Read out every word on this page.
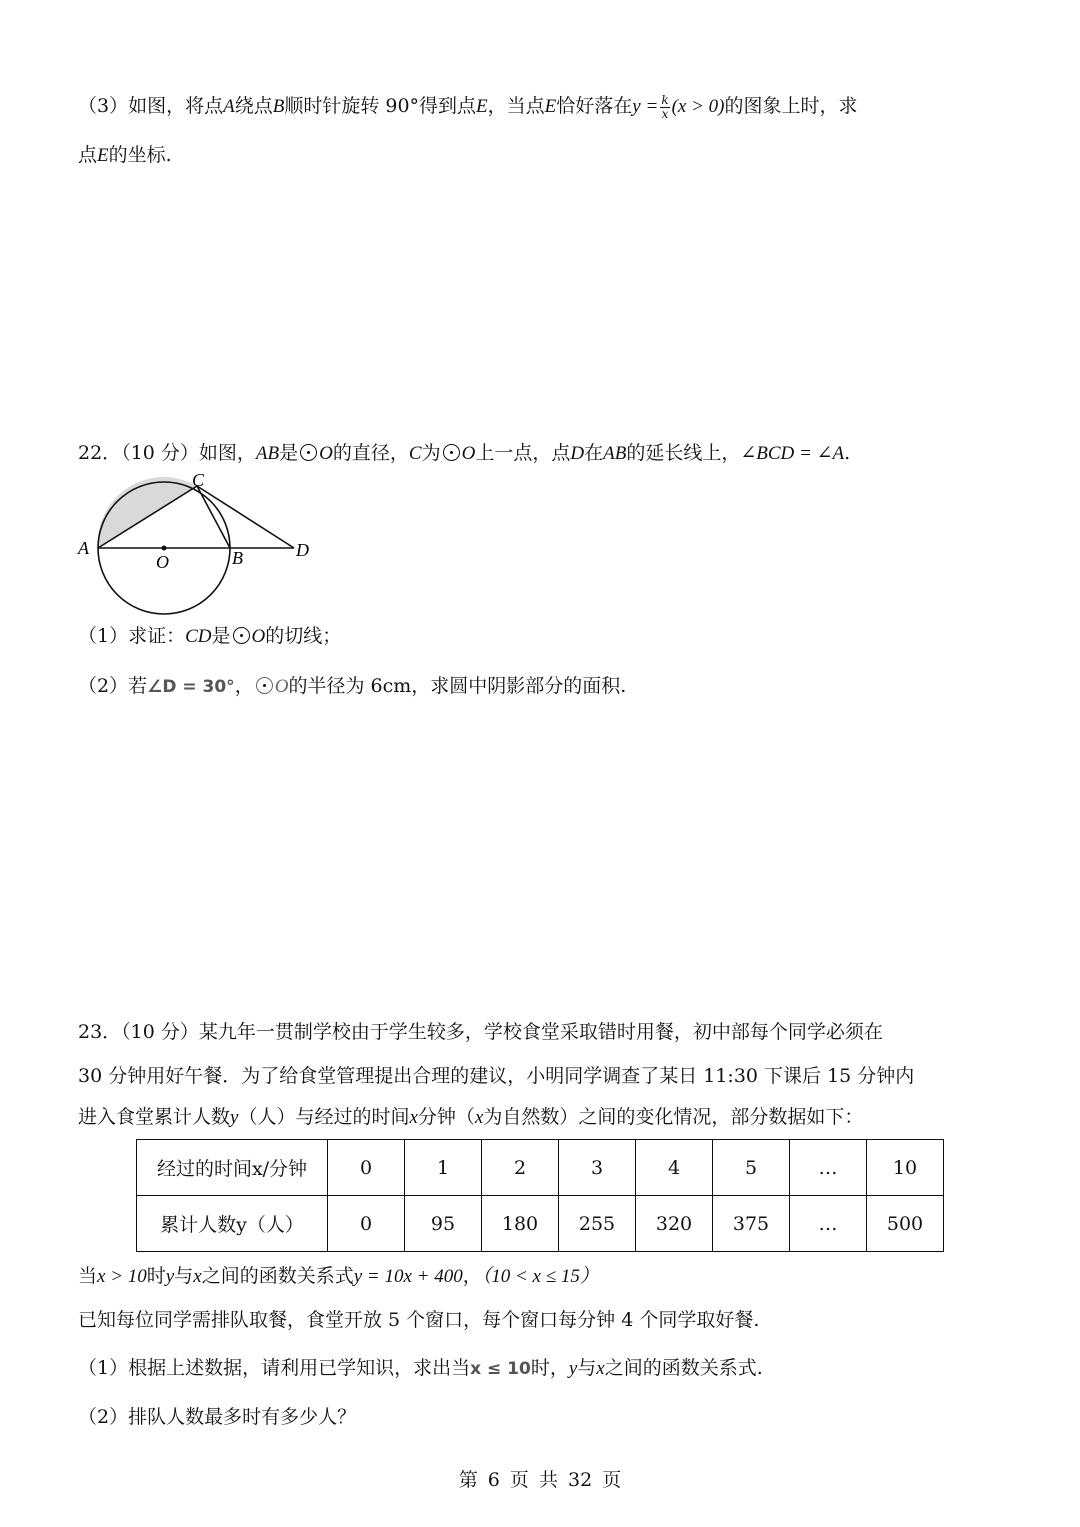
（3）如图，将点A绕点B顺时针旋转 90°得到点E，当点E恰好落在$y = \frac{k}{x} (x > 0)$的图象上时，求
点E的坐标.
22．（10 分）如图，AB是 O的直径，C为 O上一点，点D在AB的延长线上，∠BCD = ∠A.
A
C
D
O	B
（1）求证：CD是 O的切线；
（2）若∠D = 30°， O的半径为 6cm，求圆中阴影部分的面积.
23．（10 分）某九年一贯制学校由于学生较多，学校食堂采取错时用餐，初中部每个同学必须在
30 分钟用好午餐．为了给食堂管理提出合理的建议，小明同学调查了某日 11:30 下课后 15 分钟内
进入食堂累计人数y（人）与经过的时间x分钟（x为自然数）之间的变化情况，部分数据如下：
经过的时间x/分钟	0	1	2	3	4	5	…	10
累计人数y（人）	0	95	180	255	320	375	…	500
当x > 10时y与x之间的函数关系式y = 10x + 400，（10 < x ≤ 15）
已知每位同学需排队取餐，食堂开放 5 个窗口，每个窗口每分钟 4 个同学取好餐.
（1）根据上述数据，请利用已学知识，求出当x ≤ 10时，y与x之间的函数关系式.
（2）排队人数最多时有多少人？
第 6 页 共 32 页
